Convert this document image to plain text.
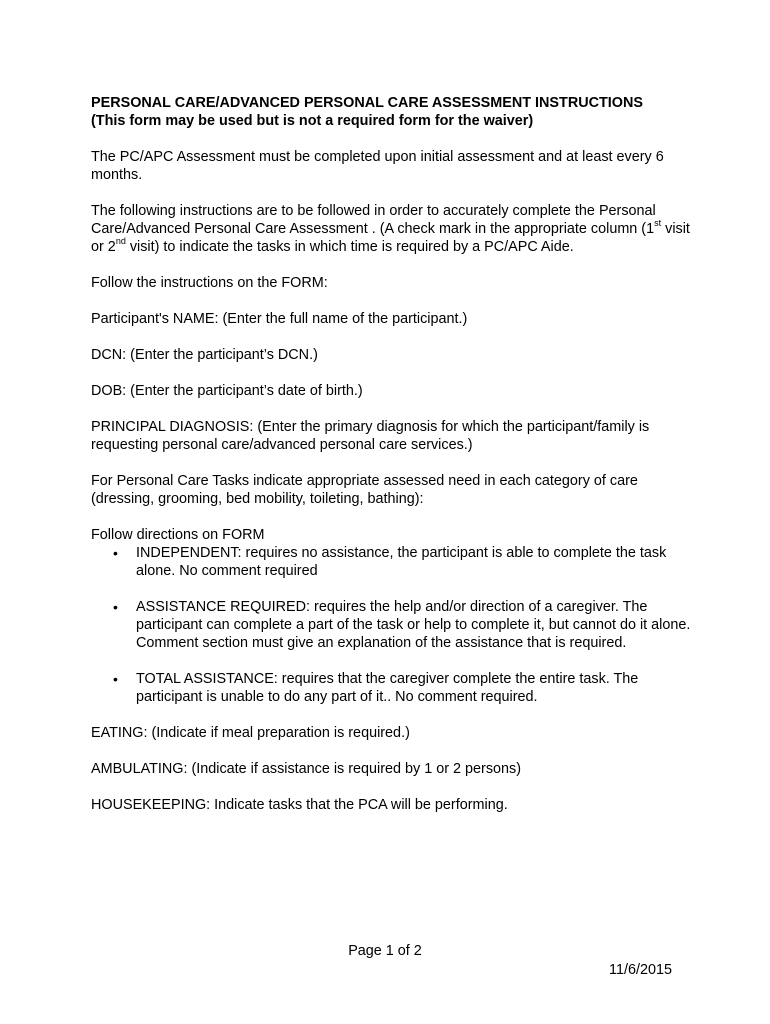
PERSONAL CARE/ADVANCED PERSONAL CARE ASSESSMENT INSTRUCTIONS

(This form may be used but is not a required form for the waiver)

The PC/APC Assessment must be completed upon initial assessment and at least every 6 months.

The following instructions are to be followed in order to accurately complete the Personal Care/Advanced Personal Care Assessment . (A check mark in the appropriate column (1st visit or 2nd visit) to indicate the tasks in which time is required by a PC/APC Aide.

Follow the instructions on the FORM:

Participant's NAME: (Enter the full name of the participant.)

DCN: (Enter the participant’s DCN.)

DOB: (Enter the participant’s date of birth.)

PRINCIPAL DIAGNOSIS: (Enter the primary diagnosis for which the participant/family is requesting personal care/advanced personal care services.)

For Personal Care Tasks indicate appropriate assessed need in each category of care (dressing, grooming, bed mobility, toileting, bathing):

Follow directions on FORM

• INDEPENDENT: requires no assistance, the participant is able to complete the task alone. No comment required
• ASSISTANCE REQUIRED: requires the help and/or direction of a caregiver. The participant can complete a part of the task or help to complete it, but cannot do it alone. Comment section must give an explanation of the assistance that is required.
• TOTAL ASSISTANCE: requires that the caregiver complete the entire task. The participant is unable to do any part of it.. No comment required.

EATING: (Indicate if meal preparation is required.)

AMBULATING: (Indicate if assistance is required by 1 or 2 persons)

HOUSEKEEPING: Indicate tasks that the PCA will be performing.

Page 1 of 2
11/6/2015
